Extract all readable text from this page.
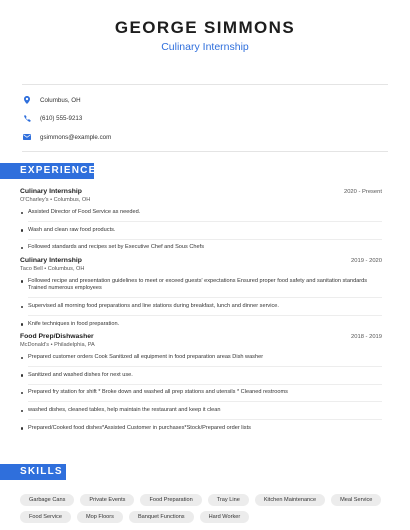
GEORGE SIMMONS
Culinary Internship
Columbus, OH
(610) 555-9213
gsimmons@example.com
EXPERIENCE
Culinary Internship	2020 - Present
O'Charley's • Columbus, OH
Assisted Director of Food Service as needed.
Wash and clean raw food products.
Followed standards and recipes set by Executive Chef and Sous Chefs
Culinary Internship	2019 - 2020
Taco Bell • Columbus, OH
Followed recipe and presentation guidelines to meet or exceed guests' expectations Ensured proper food safety and sanitation standards Trained numerous employees
Supervised all morning food preparations and line stations during breakfast, lunch and dinner service.
Knife techniques in food preparation.
Food Prep/Dishwasher	2018 - 2019
McDonald's • Philadelphia, PA
Prepared customer orders Cook Sanitized all equipment in food preparation areas Dish washer
Sanitized and washed dishes for next use.
Prepared fry station for shift * Broke down and washed all prep stations and utensils * Cleaned restrooms
washed dishes, cleaned tables, help maintain the restaurant and keep it clean
Prepared/Cooked food dishes*Assisted Customer in purchases*Stock/Prepared order lists
SKILLS
Garbage Cans	Private Events	Food Preparation	Tray Line	Kitchen Maintenance	Meal Service
Food Service	Mop Floors	Banquet Functions	Hard Worker
